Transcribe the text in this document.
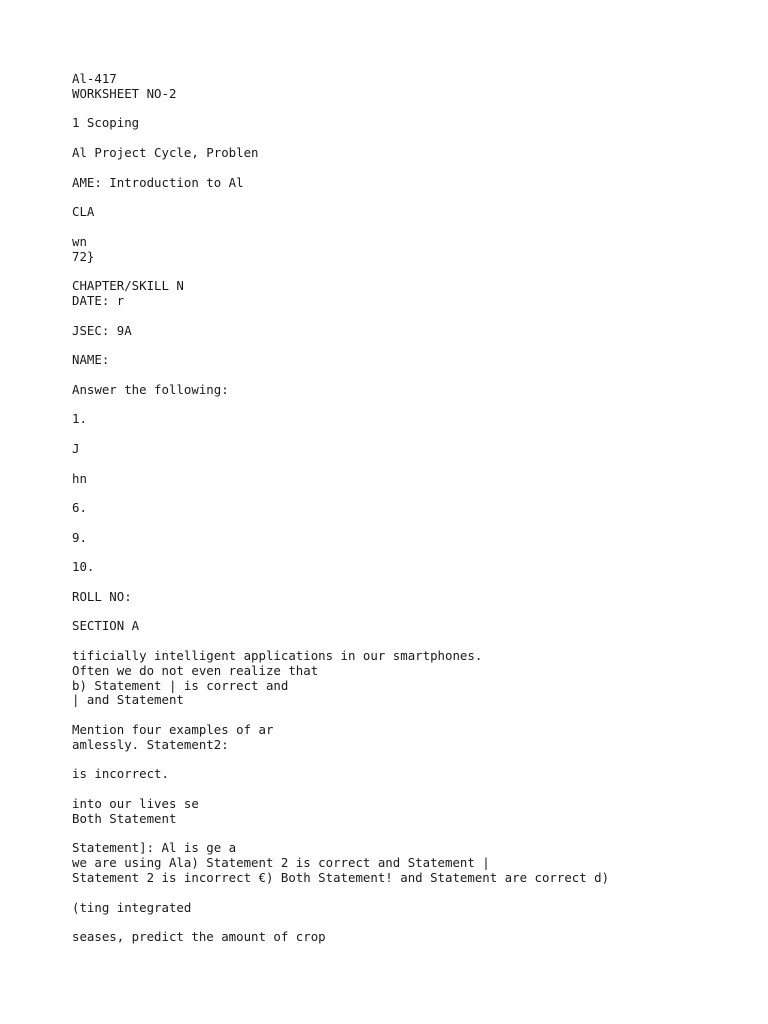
Al-417
WORKSHEET NO-2
1 Scoping
Al Project Cycle, Problen
AME: Introduction to Al
CLA
wn
72}
CHAPTER/SKILL N
DATE: r
JSEC: 9A
NAME:
Answer the following:
1.
J
hn
6.
9.
10.
ROLL NO:
SECTION A
tificially intelligent applications in our smartphones.
Often we do not even realize that
b) Statement | is correct and
| and Statement
Mention four examples of ar
amlessly. Statement2:
is incorrect.
into our lives se
Both Statement
Statement]: Al is ge a
we are using Ala) Statement 2 is correct and Statement |
Statement 2 is incorrect €) Both Statement! and Statement are correct d)
(ting integrated
seases, predict the amount of crop
